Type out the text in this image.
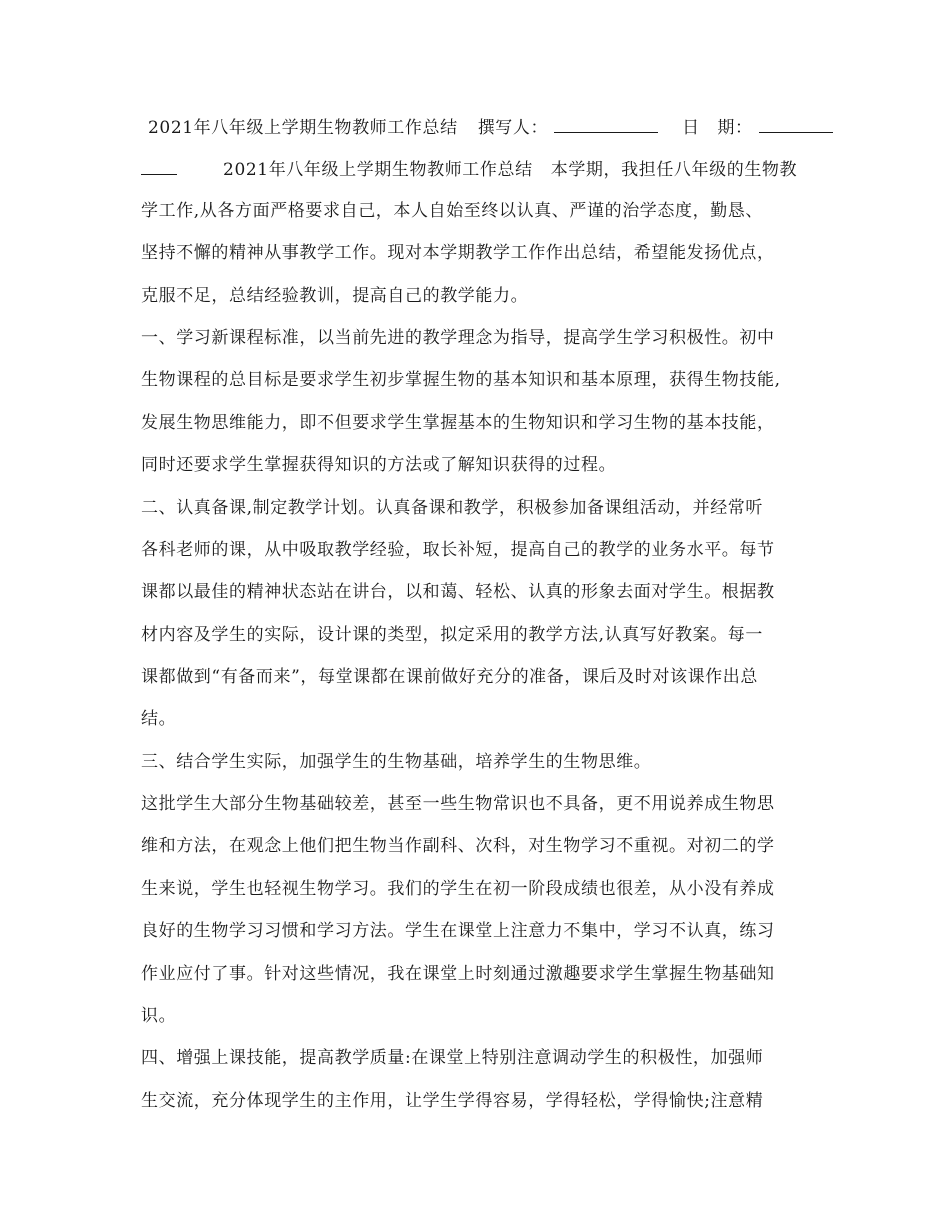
2021年八年级上学期生物教师工作总结 撰写人：	日　期：
2021年八年级上学期生物教师工作总结 本学期，我担任八年级的生物教
学工作,从各方面严格要求自己，本人自始至终以认真、严谨的治学态度，勤恳、
坚持不懈的精神从事教学工作。现对本学期教学工作作出总结，希望能发扬优点，
克服不足，总结经验教训，提高自己的教学能力。
一、学习新课程标准，以当前先进的教学理念为指导，提高学生学习积极性。初中
生物课程的总目标是要求学生初步掌握生物的基本知识和基本原理，获得生物技能,
发展生物思维能力，即不但要求学生掌握基本的生物知识和学习生物的基本技能，
同时还要求学生掌握获得知识的方法或了解知识获得的过程。
二、认真备课,制定教学计划。认真备课和教学，积极参加备课组活动，并经常听
各科老师的课，从中吸取教学经验，取长补短，提高自己的教学的业务水平。每节
课都以最佳的精神状态站在讲台，以和蔼、轻松、认真的形象去面对学生。根据教
材内容及学生的实际，设计课的类型，拟定采用的教学方法,认真写好教案。每一
课都做到“有备而来”，每堂课都在课前做好充分的准备，课后及时对该课作出总
结。
三、结合学生实际，加强学生的生物基础，培养学生的生物思维。
这批学生大部分生物基础较差，甚至一些生物常识也不具备，更不用说养成生物思
维和方法，在观念上他们把生物当作副科、次科，对生物学习不重视。对初二的学
生来说，学生也轻视生物学习。我们的学生在初一阶段成绩也很差，从小没有养成
良好的生物学习习惯和学习方法。学生在课堂上注意力不集中，学习不认真，练习
作业应付了事。针对这些情况，我在课堂上时刻通过激趣要求学生掌握生物基础知
识。
四、增强上课技能，提高教学质量:在课堂上特别注意调动学生的积极性，加强师
生交流，充分体现学生的主作用，让学生学得容易，学得轻松，学得愉快;注意精
